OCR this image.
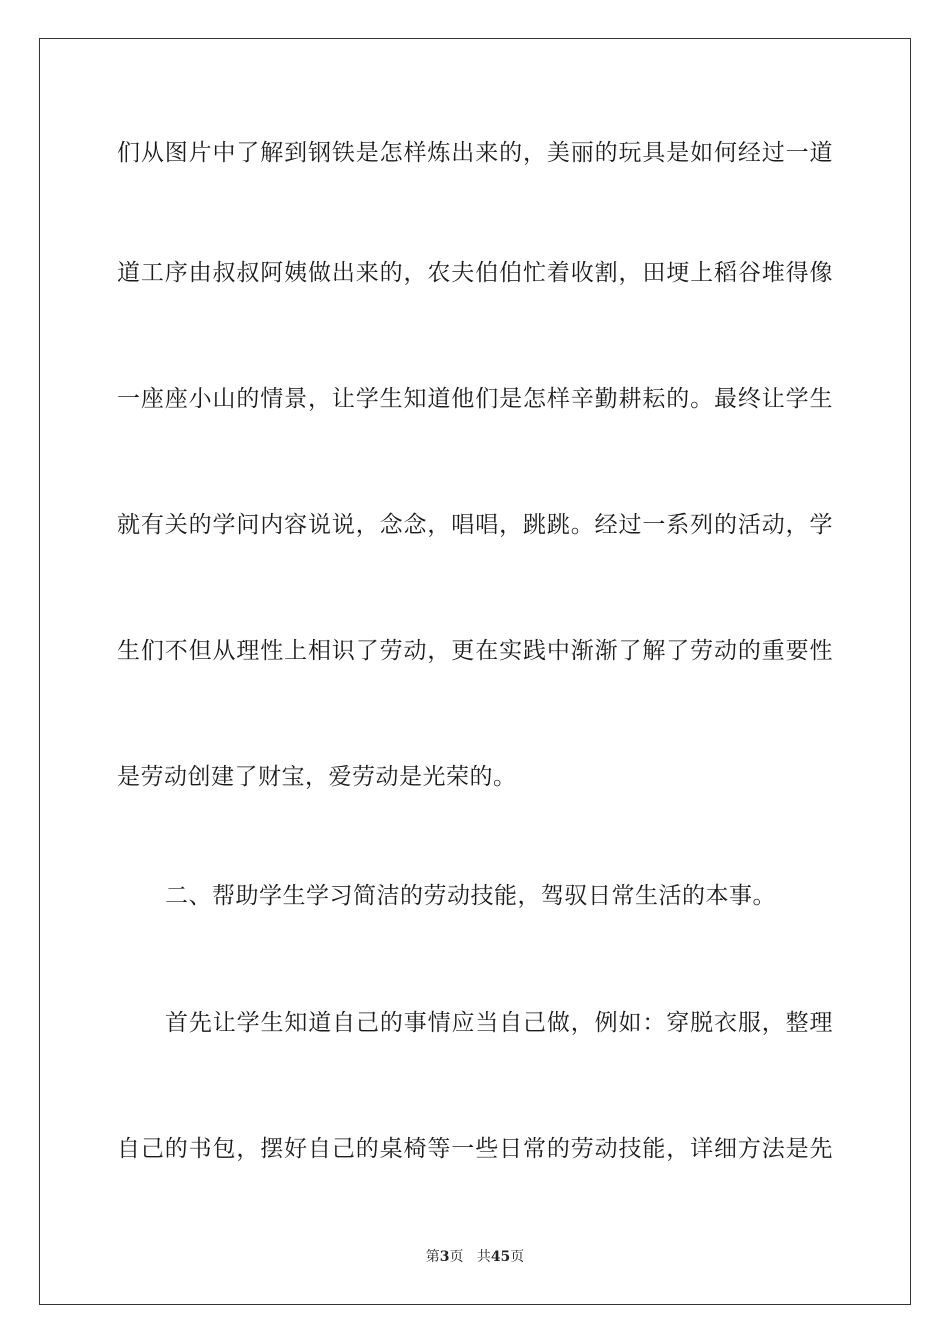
们从图片中了解到钢铁是怎样炼出来的，美丽的玩具是如何经过一道
道工序由叔叔阿姨做出来的，农夫伯伯忙着收割，田埂上稻谷堆得像
一座座小山的情景，让学生知道他们是怎样辛勤耕耘的。最终让学生
就有关的学问内容说说，念念，唱唱，跳跳。经过一系列的活动，学
生们不但从理性上相识了劳动，更在实践中渐渐了解了劳动的重要性
是劳动创建了财宝，爱劳动是光荣的。
二、帮助学生学习简洁的劳动技能，驾驭日常生活的本事。
首先让学生知道自己的事情应当自己做，例如：穿脱衣服，整理
自己的书包，摆好自己的桌椅等一些日常的劳动技能，详细方法是先
第3页 共45页
